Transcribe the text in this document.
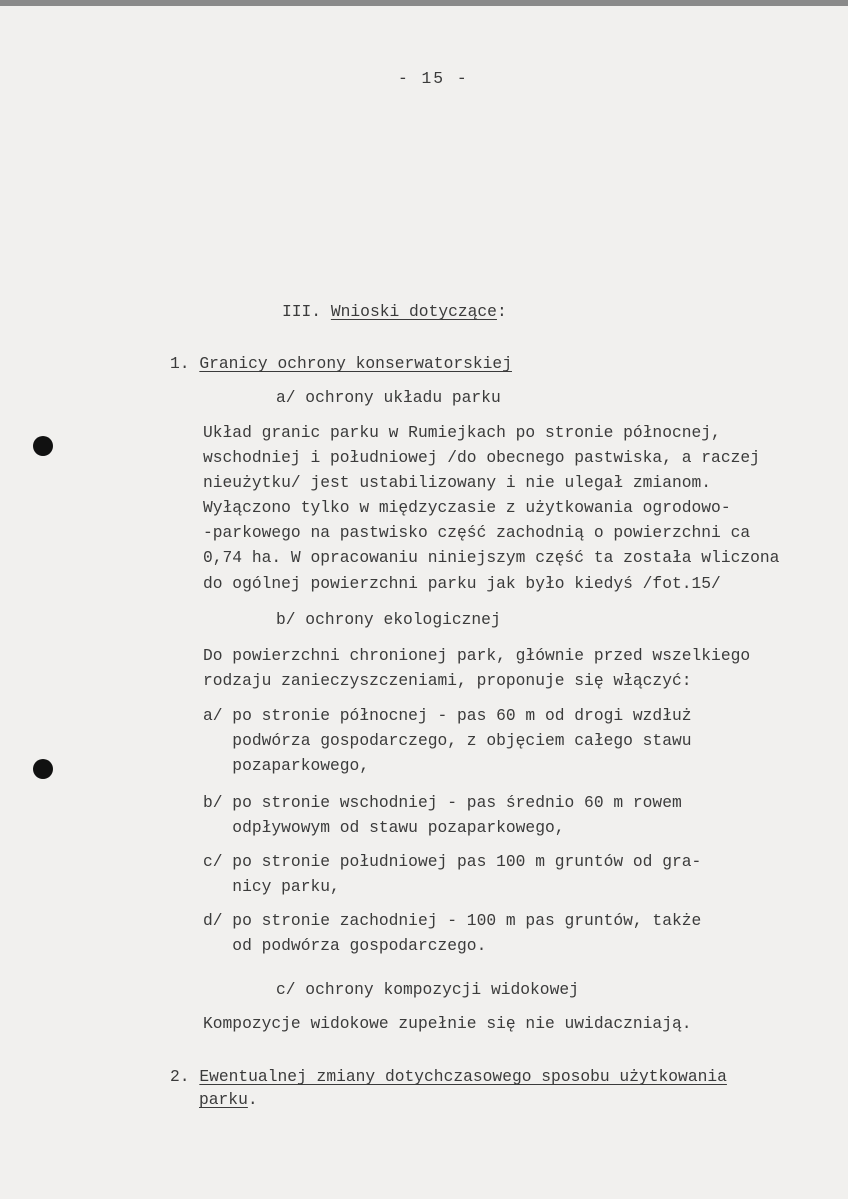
- 15 -
III. Wnioski dotyczące:
1. Granicy ochrony konserwatorskiej
a/ ochrony układu parku
Układ granic parku w Rumiejkach po stronie północnej,
wschodniej i południowej /do obecnego pastwiska, a raczej
nieużytku/ jest ustabilizowany i nie ulegał zmianom.
Wyłączono tylko w międzyczasie z użytkowania ogrodowo-
-parkowego na pastwisko część zachodnią o powierzchni ca
0,74 ha. W opracowaniu niniejszym część ta została wliczona
do ogólnej powierzchni parku jak było kiedyś /fot.15/
b/ ochrony ekologicznej
Do powierzchni chronionej park, głównie przed wszelkiego
rodzaju zanieczyszczeniami, proponuje się włączyć:
a/ po stronie północnej - pas 60 m od drogi wzdłuż
podwórza gospodarczego, z objęciem całego stawu
pozaparkowego,
b/ po stronie wschodniej - pas średnio 60 m rowem
odpływowym od stawu pozaparkowego,
c/ po stronie południowej pas 100 m gruntów od gra-
nicy parku,
d/ po stronie zachodniej - 100 m pas gruntów, także
od podwórza gospodarczego.
c/ ochrony kompozycji widokowej
Kompozycje widokowe zupełnie się nie uwidaczniają.
2. Ewentualnej zmiany dotychczasowego sposobu użytkowania
parku.
